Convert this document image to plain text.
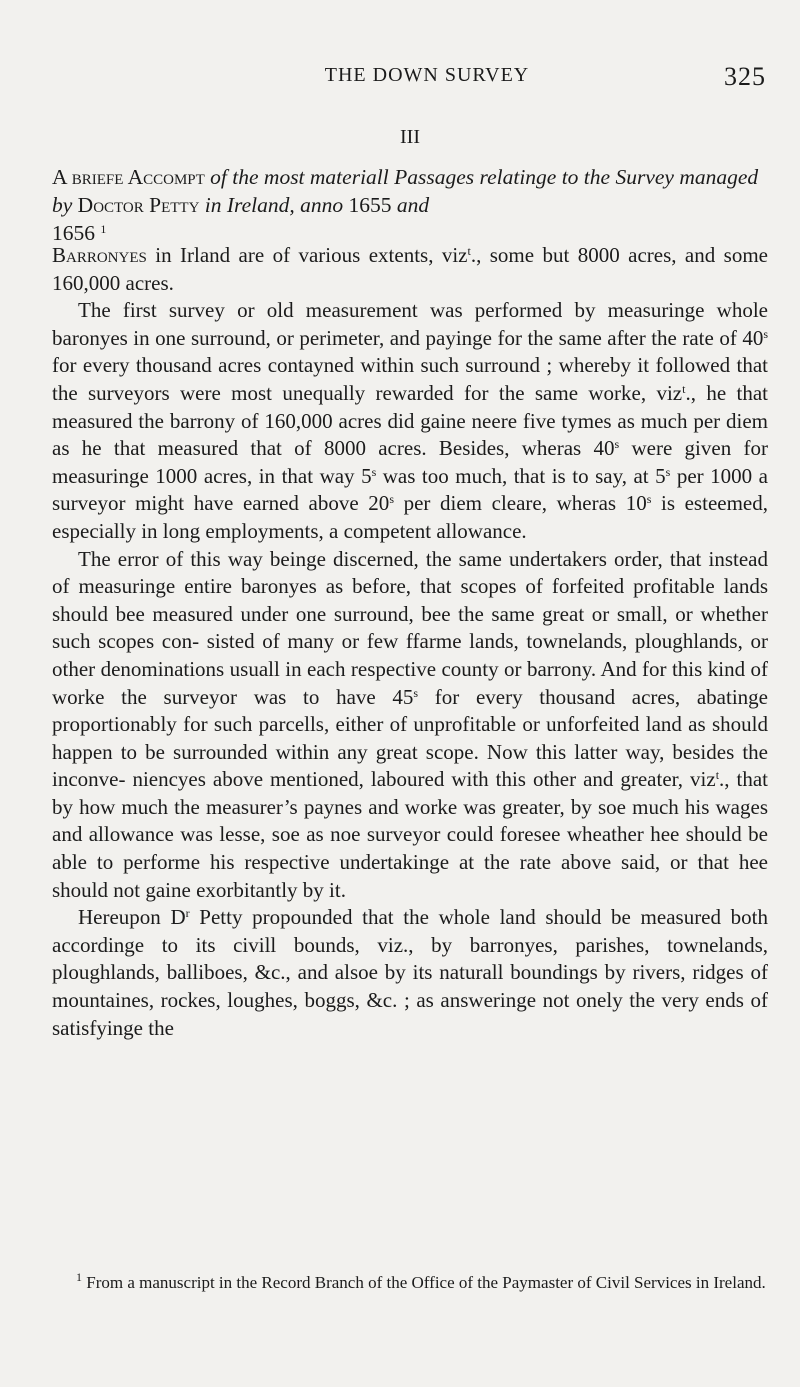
THE DOWN SURVEY	325
III
A briefe Accompt of the most materiall Passages relatinge to the Survey managed by Doctor Petty in Ireland, anno 1655 and
1656 $^1$

Barronyes in Irland are of various extents, viz$^t$., some but 8000 acres, and some 160,000 acres.

The first survey or old measurement was performed by measuringe whole baronyes in one surround, or perimeter, and payinge for the same after the rate of 40$^s$ for every thousand acres contayned within such surround ; whereby it followed that the surveyors were most unequally rewarded for the same worke, viz$^t$., he that measured the barrony of 160,000 acres did gaine neere five tymes as much per diem as he that measured that of 8000 acres. Besides, wheras 40$^s$ were given for measuringe 1000 acres, in that way 5$^s$ was too much, that is to say, at 5$^s$ per 1000 a surveyor might have earned above 20$^s$ per diem cleare, wheras 10$^s$ is esteemed, especially in long employments, a competent allowance.

The error of this way beinge discerned, the same undertakers order, that instead of measuringe entire baronyes as before, that scopes of forfeited profitable lands should bee measured under one surround, bee the same great or small, or whether such scopes con- sisted of many or few ffarme lands, townelands, ploughlands, or other denominations usuall in each respective county or barrony. And for this kind of worke the surveyor was to have 45$^s$ for every thousand acres, abatinge proportionably for such parcells, either of unprofitable or unforfeited land as should happen to be surrounded within any great scope. Now this latter way, besides the inconve- niencyes above mentioned, laboured with this other and greater, viz$^t$., that by how much the measurer’s paynes and worke was greater, by soe much his wages and allowance was lesse, soe as noe surveyor could foresee wheather hee should be able to performe his respective undertakinge at the rate above said, or that hee should not gaine exorbitantly by it.

Hereupon $D^r$ Petty propounded that the whole land should be measured both accordinge to its civill bounds, viz., by barronyes, parishes, townelands, ploughlands, balliboes, &c., and alsoe by its naturall boundings by rivers, ridges of mountaines, rockes, loughes, boggs, &c. ; as answeringe not onely the very ends of satisfyinge the

$^1$ From a manuscript in the Record Branch of the Office of the Paymaster of Civil Services in Ireland.
